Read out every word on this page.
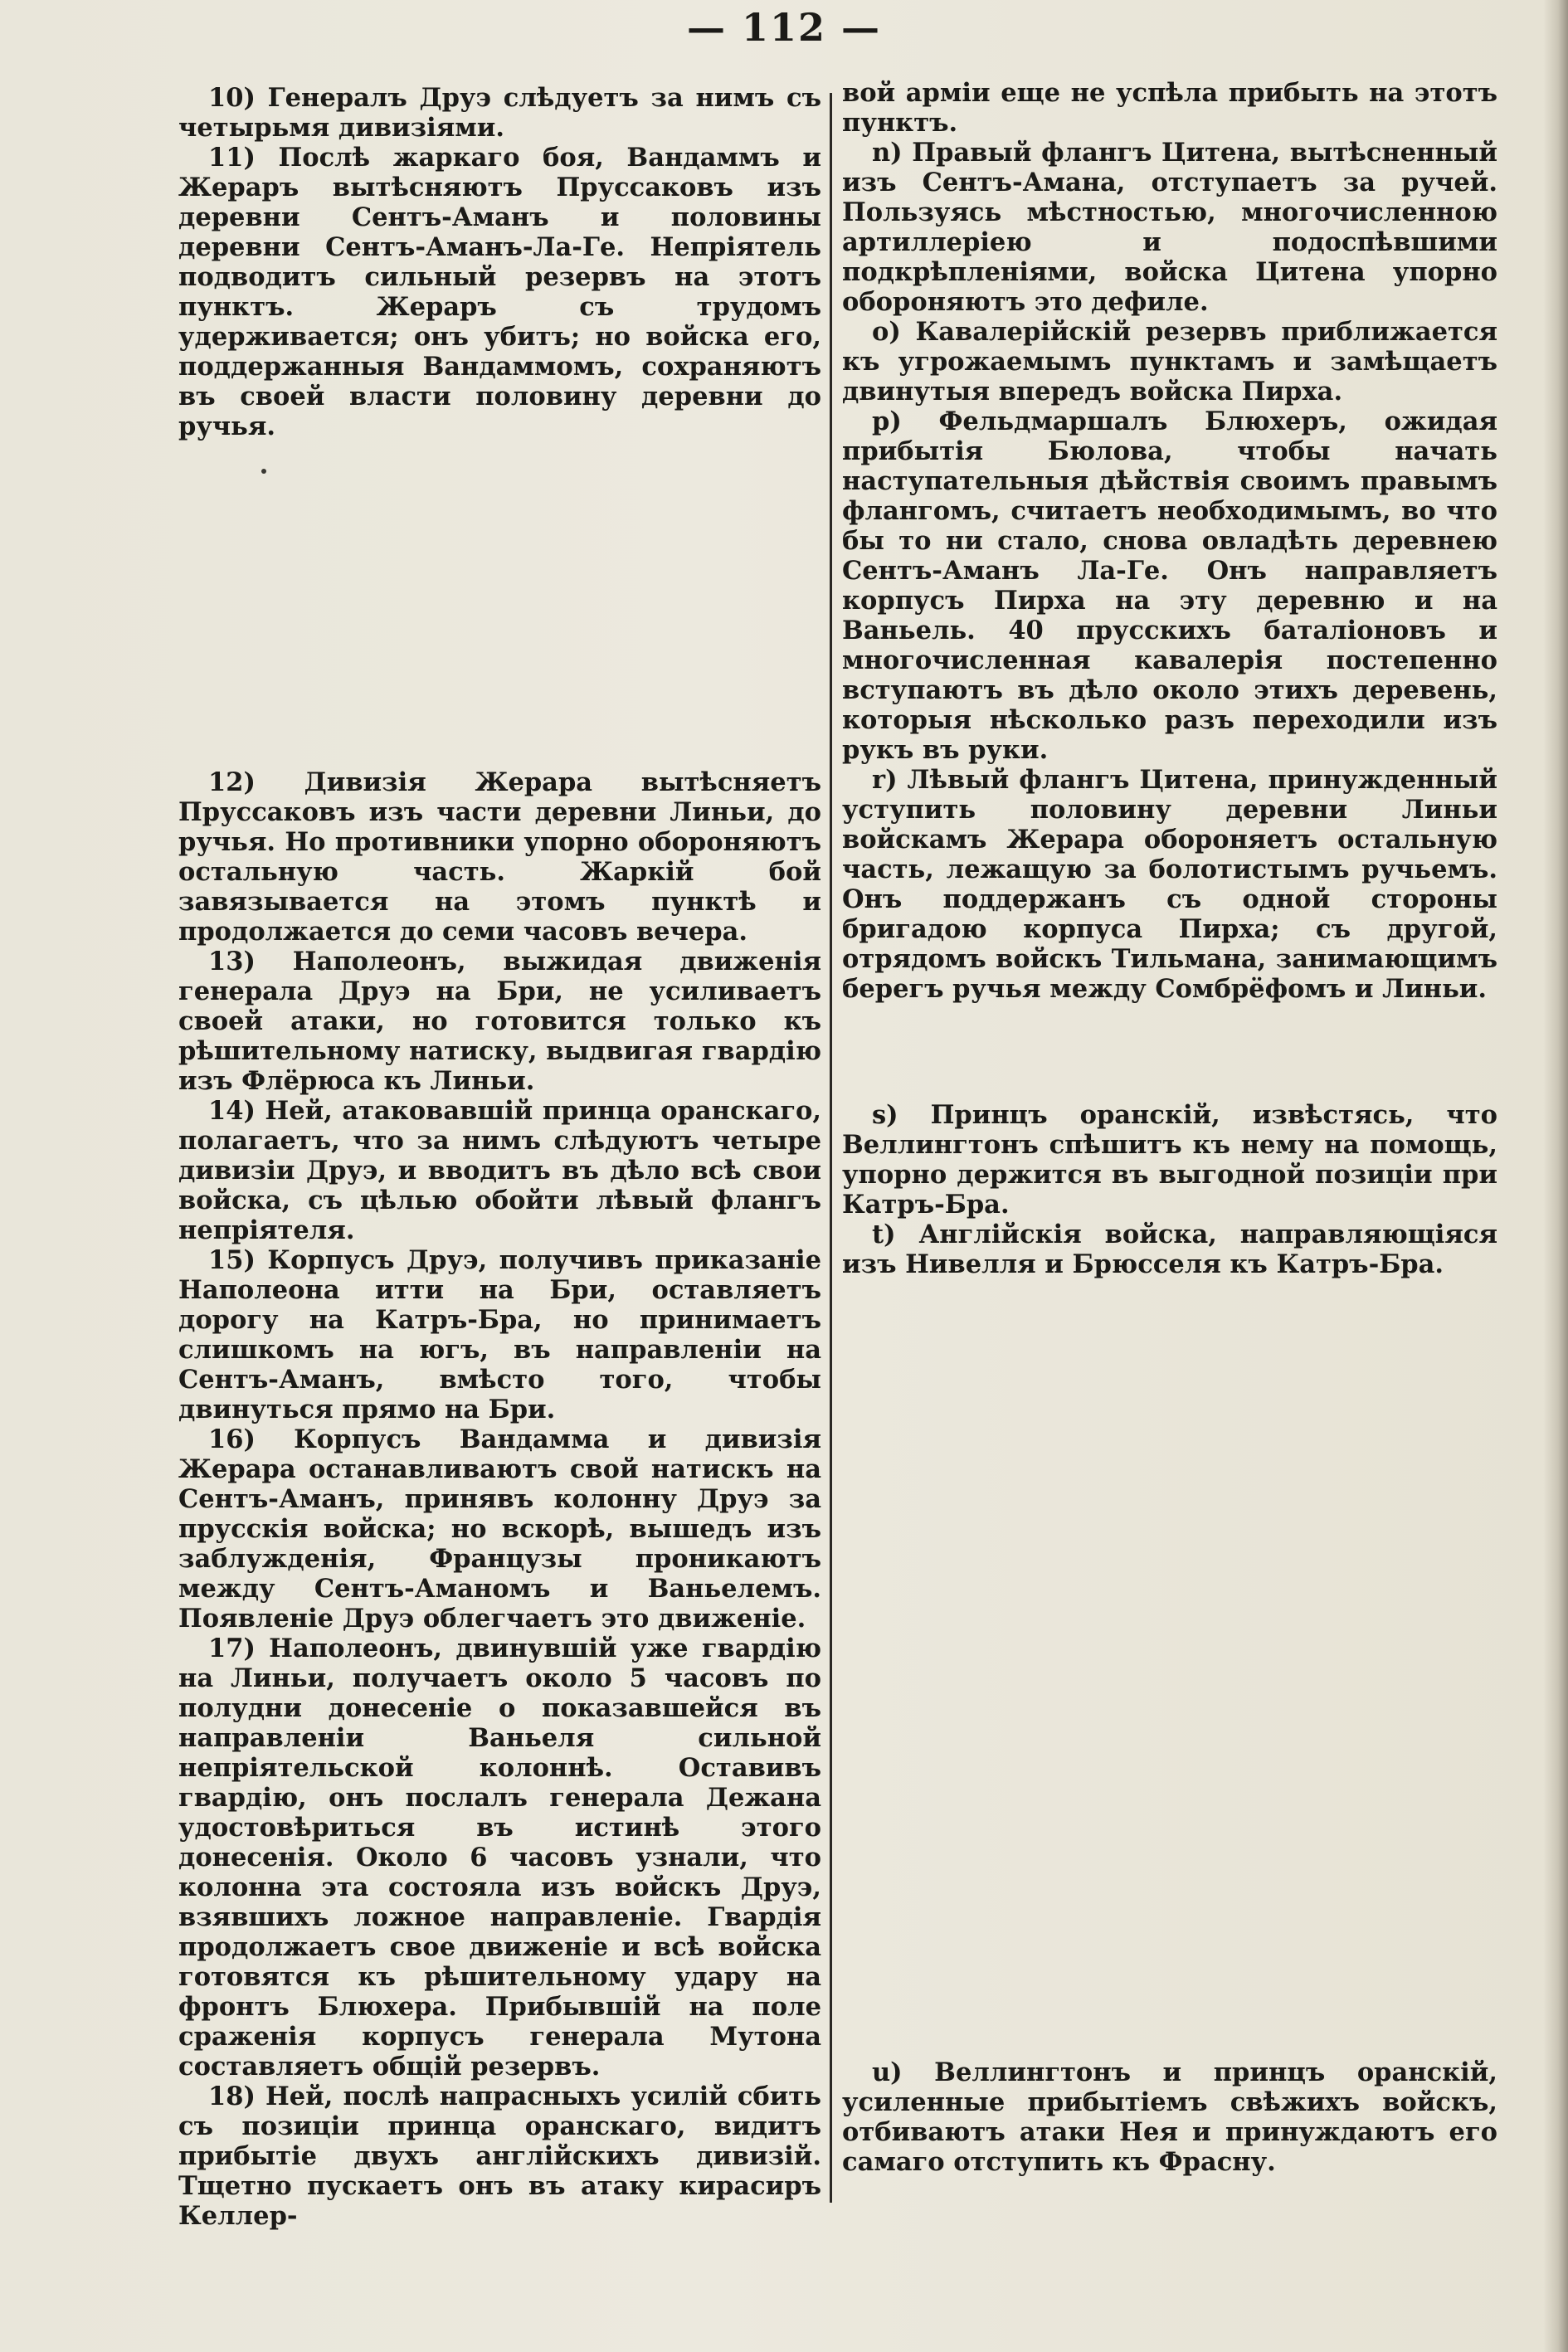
— 112 —

10) Генералъ Друэ слѣдуетъ за нимъ съ четырьмя дивизіями.

11) Послѣ жаркаго боя, Вандаммъ и Жераръ вытѣсняютъ Пруссаковъ изъ деревни Сентъ-Аманъ и половины деревни Сентъ-Аманъ-Ла-Ге. Непріятель подводитъ сильный резервъ на этотъ пунктъ. Жераръ съ трудомъ удерживается; онъ убитъ; но войска его, поддержанныя Вандаммомъ, сохраняютъ въ своей власти половину деревни до ручья.

12) Дивизія Жерара вытѣсняетъ Пруссаковъ изъ части деревни Линьи, до ручья. Но противники упорно обороняютъ остальную часть. Жаркій бой завязывается на этомъ пунктѣ и продолжается до семи часовъ вечера.

13) Наполеонъ, выжидая движенія генерала Друэ на Бри, не усиливаетъ своей атаки, но готовится только къ рѣшительному натиску, выдвигая гвардію изъ Флёрюса къ Линьи.

14) Ней, атаковавшій принца оранскаго, полагаетъ, что за нимъ слѣдуютъ четыре дивизіи Друэ, и вводитъ въ дѣло всѣ свои войска, съ цѣлью обойти лѣвый флангъ непріятеля.

15) Корпусъ Друэ, получивъ приказаніе Наполеона итти на Бри, оставляетъ дорогу на Катръ-Бра, но принимаетъ слишкомъ на югъ, въ направленіи на Сентъ-Аманъ, вмѣсто того, чтобы двинуться прямо на Бри.

16) Корпусъ Вандамма и дивизія Жерара останавливаютъ свой натискъ на Сентъ-Аманъ, принявъ колонну Друэ за прусскія войска; но вскорѣ, вышедъ изъ заблужденія, Французы проникаютъ между Сентъ-Аманомъ и Ваньелемъ. Появленіе Друэ облегчаетъ это движеніе.

17) Наполеонъ, двинувшій уже гвардію на Линьи, получаетъ около 5 часовъ по полудни донесеніе о показавшейся въ направленіи Ваньеля сильной непріятельской колоннѣ. Оставивъ гвардію, онъ послалъ генерала Дежана удостовѣриться въ истинѣ этого донесенія. Около 6 часовъ узнали, что колонна эта состояла изъ войскъ Друэ, взявшихъ ложное направленіе. Гвардія продолжаетъ свое движеніе и всѣ войска готовятся къ рѣшительному удару на фронтъ Блюхера. Прибывшій на поле сраженія корпусъ генерала Мутона составляетъ общій резервъ.

18) Ней, послѣ напрасныхъ усилій сбить съ позиціи принца оранскаго, видитъ прибытіе двухъ англійскихъ дивизій. Тщетно пускаетъ онъ въ атаку кирасиръ Келлер-

вой арміи еще не успѣла прибыть на этотъ пунктъ.

n) Правый флангъ Цитена, вытѣсненный изъ Сентъ-Амана, отступаетъ за ручей. Пользуясь мѣстностью, многочисленною артиллеріею и подоспѣвшими подкрѣпленіями, войска Цитена упорно обороняютъ это дефиле.

o) Кавалерійскій резервъ приближается къ угрожаемымъ пунктамъ и замѣщаетъ двинутыя впередъ войска Пирха.

p) Фельдмаршалъ Блюхеръ, ожидая прибытія Бюлова, чтобы начать наступательныя дѣйствія своимъ правымъ флангомъ, считаетъ необходимымъ, во что бы то ни стало, снова овладѣть деревнею Сентъ-Аманъ Ла-Ге. Онъ направляетъ корпусъ Пирха на эту деревню и на Ваньель. 40 прусскихъ баталіоновъ и многочисленная кавалерія постепенно вступаютъ въ дѣло около этихъ деревень, которыя нѣсколько разъ переходили изъ рукъ въ руки.

r) Лѣвый флангъ Цитена, принужденный уступить половину деревни Линьи войскамъ Жерара обороняетъ остальную часть, лежащую за болотистымъ ручьемъ. Онъ поддержанъ съ одной стороны бригадою корпуса Пирха; съ другой, отрядомъ войскъ Тильмана, занимающимъ берегъ ручья между Сомбрёфомъ и Линьи.

s) Принцъ оранскій, извѣстясь, что Веллингтонъ спѣшитъ къ нему на помощь, упорно держится въ выгодной позиціи при Катръ-Бра.

t) Англійскія войска, направляющіяся изъ Нивелля и Брюсселя къ Катръ-Бра.

u) Веллингтонъ и принцъ оранскій, усиленные прибытіемъ свѣжихъ войскъ, отбиваютъ атаки Нея и принуждаютъ его самаго отступить къ Фрасну.
